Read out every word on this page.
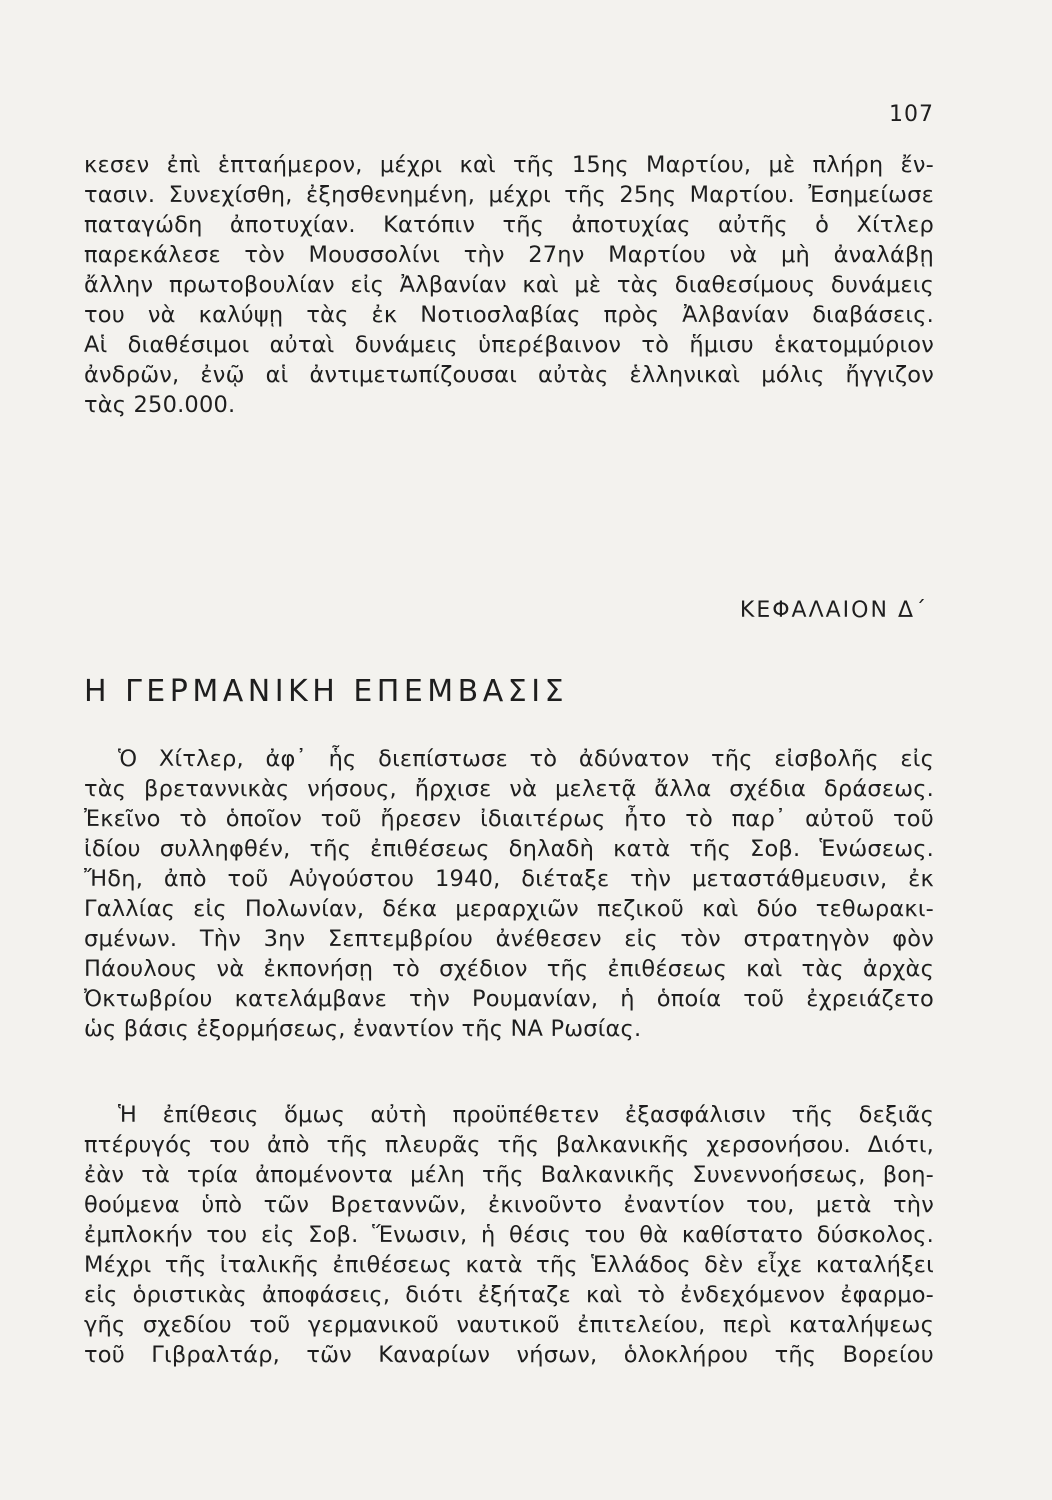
107
κεσεν ἐπὶ ἑπταήμερον, μέχρι καὶ τῆς 15ης Μαρτίου, μὲ πλήρη ἔν-
τασιν. Συνεχίσθη, ἐξησθενημένη, μέχρι τῆς 25ης Μαρτίου. Ἐσημείωσε
παταγώδη ἀποτυχίαν. Κατόπιν τῆς ἀποτυχίας αὐτῆς ὁ Χίτλερ
παρεκάλεσε τὸν Μουσσολίνι τὴν 27ην Μαρτίου νὰ μὴ ἀναλάβῃ
ἄλλην πρωτοβουλίαν εἰς Ἀλβανίαν καὶ μὲ τὰς διαθεσίμους δυνάμεις
του νὰ καλύψῃ τὰς ἐκ Νοτιοσλαβίας πρὸς Ἀλβανίαν διαβάσεις.
Αἱ διαθέσιμοι αὐταὶ δυνάμεις ὑπερέβαινον τὸ ἥμισυ ἑκατομμύριον
ἀνδρῶν, ἐνῷ αἱ ἀντιμετωπίζουσαι αὐτὰς ἑλληνικαὶ μόλις ἤγγιζον
τὰς 250.000.
ΚΕΦΑΛΑΙΟΝ Δ΄
Η ΓΕΡΜΑΝΙΚΗ ΕΠΕΜΒΑΣΙΣ
Ὁ Χίτλερ, ἀφ᾽ ἧς διεπίστωσε τὸ ἀδύνατον τῆς εἰσβολῆς εἰς
τὰς βρεταννικὰς νήσους, ἤρχισε νὰ μελετᾷ ἄλλα σχέδια δράσεως.
Ἐκεῖνο τὸ ὁποῖον τοῦ ἤρεσεν ἰδιαιτέρως ἦτο τὸ παρ᾽ αὐτοῦ τοῦ
ἰδίου συλληφθέν, τῆς ἐπιθέσεως δηλαδὴ κατὰ τῆς Σοβ. Ἑνώσεως.
Ἤδη, ἀπὸ τοῦ Αὐγούστου 1940, διέταξε τὴν μεταστάθμευσιν, ἐκ
Γαλλίας εἰς Πολωνίαν, δέκα μεραρχιῶν πεζικοῦ καὶ δύο τεθωρακι-
σμένων. Τὴν 3ην Σεπτεμβρίου ἀνέθεσεν εἰς τὸν στρατηγὸν φὸν
Πάουλους νὰ ἐκπονήσῃ τὸ σχέδιον τῆς ἐπιθέσεως καὶ τὰς ἀρχὰς
Ὀκτωβρίου κατελάμβανε τὴν Ρουμανίαν, ἡ ὁποία τοῦ ἐχρειάζετο
ὡς βάσις ἐξορμήσεως, ἐναντίον τῆς ΝΑ Ρωσίας.
Ἡ ἐπίθεσις ὅμως αὐτὴ προϋπέθετεν ἐξασφάλισιν τῆς δεξιᾶς
πτέρυγός του ἀπὸ τῆς πλευρᾶς τῆς βαλκανικῆς χερσονήσου. Διότι,
ἐὰν τὰ τρία ἀπομένοντα μέλη τῆς Βαλκανικῆς Συνεννοήσεως, βοη-
θούμενα ὑπὸ τῶν Βρεταννῶν, ἐκινοῦντο ἐναντίον του, μετὰ τὴν
ἐμπλοκήν του εἰς Σοβ. Ἕνωσιν, ἡ θέσις του θὰ καθίστατο δύσκολος.
Μέχρι τῆς ἰταλικῆς ἐπιθέσεως κατὰ τῆς Ἑλλάδος δὲν εἶχε καταλήξει
εἰς ὁριστικὰς ἀποφάσεις, διότι ἐξήταζε καὶ τὸ ἐνδεχόμενον ἐφαρμο-
γῆς σχεδίου τοῦ γερμανικοῦ ναυτικοῦ ἐπιτελείου, περὶ καταλήψεως
τοῦ Γιβραλτάρ, τῶν Καναρίων νήσων, ὁλοκλήρου τῆς Βορείου
